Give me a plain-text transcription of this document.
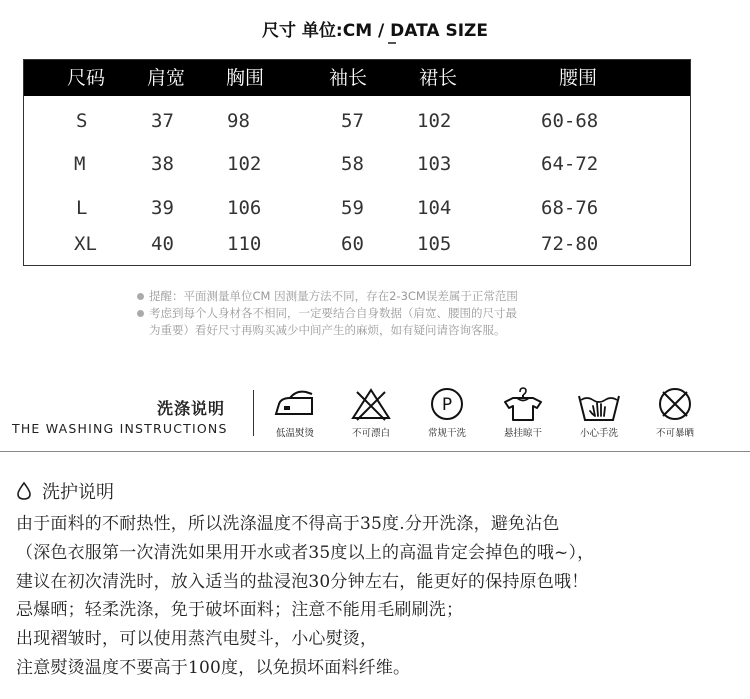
尺寸 单位:CM / DATA SIZE
尺码 肩宽 胸围	袖长	裙长	腰围
S	37	98	57	102	60-68
M	38	102	58	103	64-72
L	39	106	59	104	68-76
XL	40	110	60	105	72-80
提醒：平面测量单位CM 因测量方法不同，存在2-3CM误差属于正常范围
考虑到每个人身材各不相同，一定要结合自身数据（肩宽、腰围的尺寸最
为重要）看好尺寸再购买减少中间产生的麻烦，如有疑问请咨询客服。
洗涤说明
THE WASHING INSTRUCTIONS	低温熨烫	不可漂白
P
常规干洗	悬挂晾干	小心手洗	不可暴晒
洗护说明
由于面料的不耐热性，所以洗涤温度不得高于35度.分开洗涤，避免沾色
（深色衣服第一次清洗如果用开水或者35度以上的高温肯定会掉色的哦~），
建议在初次清洗时，放入适当的盐浸泡30分钟左右，能更好的保持原色哦！
忌爆晒；轻柔洗涤，免于破坏面料；注意不能用毛刷刷洗；
出现褶皱时，可以使用蒸汽电熨斗，小心熨烫，
注意熨烫温度不要高于100度，以免损坏面料纤维。
